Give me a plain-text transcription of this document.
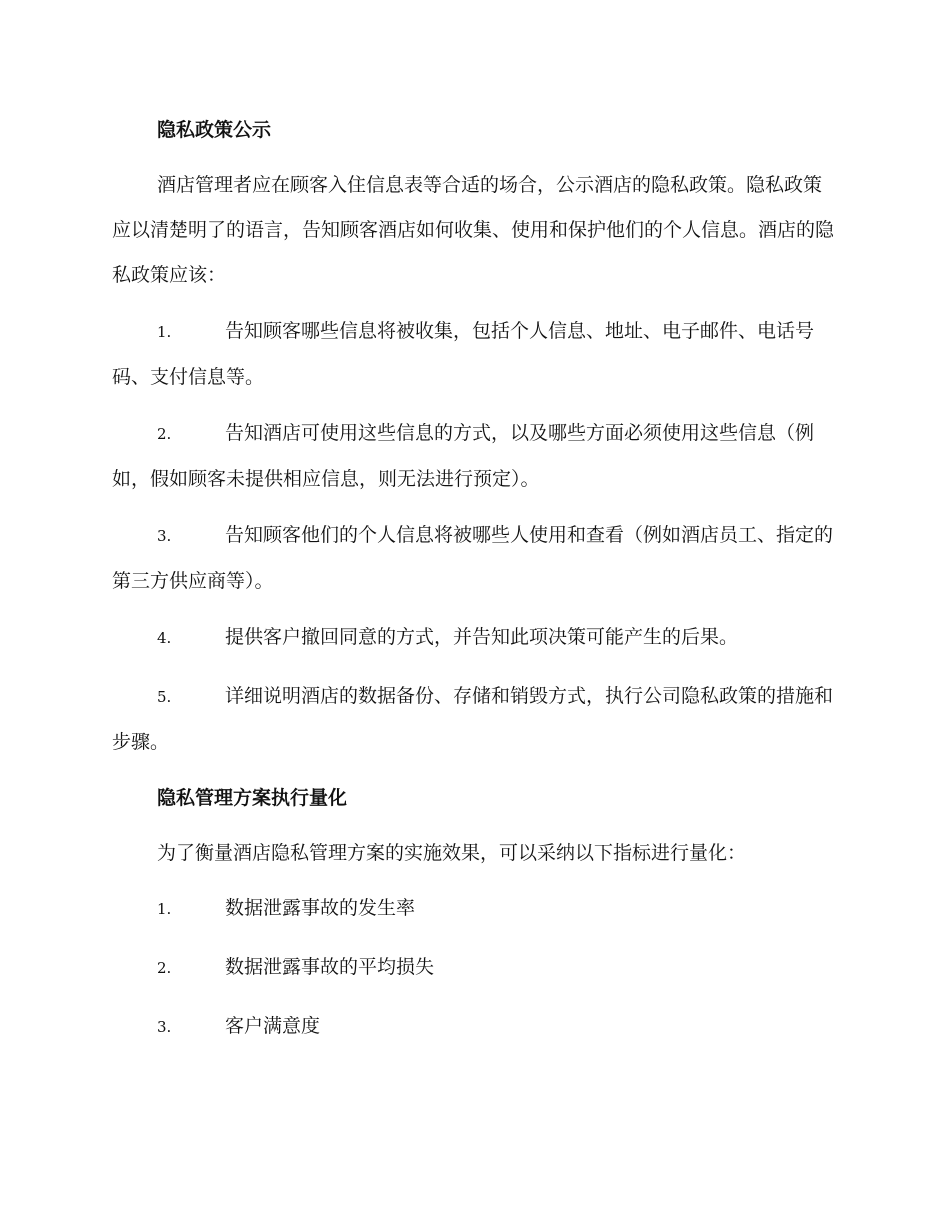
隐私政策公示

酒店管理者应在顾客入住信息表等合适的场合，公示酒店的隐私政策。隐私政策应以清楚明了的语言，告知顾客酒店如何收集、使用和保护他们的个人信息。酒店的隐私政策应该：

1.	告知顾客哪些信息将被收集，包括个人信息、地址、电子邮件、电话号码、支付信息等。

2.	告知酒店可使用这些信息的方式，以及哪些方面必须使用这些信息（例如，假如顾客未提供相应信息，则无法进行预定）。

3.	告知顾客他们的个人信息将被哪些人使用和查看（例如酒店员工、指定的第三方供应商等）。

4.	提供客户撤回同意的方式，并告知此项决策可能产生的后果。

5.	详细说明酒店的数据备份、存储和销毁方式，执行公司隐私政策的措施和步骤。

隐私管理方案执行量化

为了衡量酒店隐私管理方案的实施效果，可以采纳以下指标进行量化：

1.	数据泄露事故的发生率

2.	数据泄露事故的平均损失

3.	客户满意度
